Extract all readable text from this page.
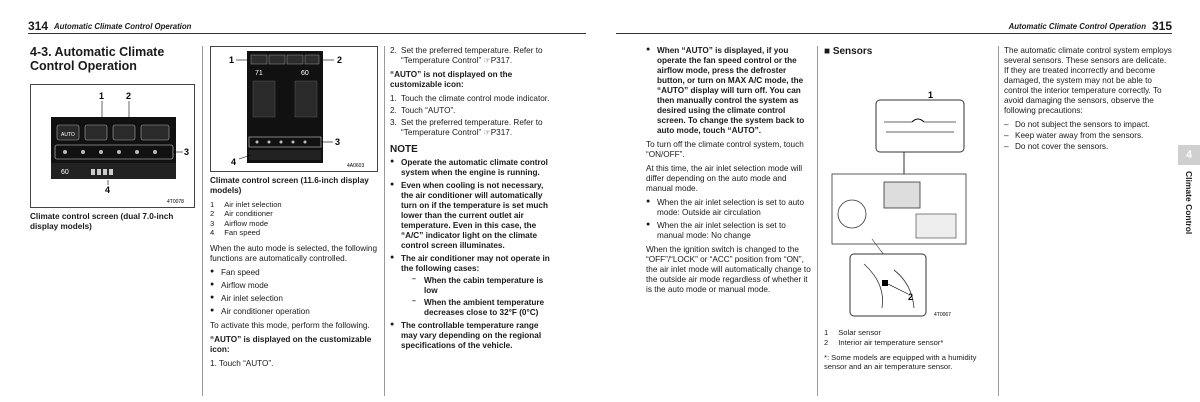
314 Automatic Climate Control Operation
4-3. Automatic Climate Control Operation
1 2
AUTO
3
60
4
4T0078

Climate control screen (dual 7.0-inch display models)

1	2
71	60
3
4	4A0603

Climate control screen (11.6-inch display models)

1	Air inlet selection
2	Air conditioner
3	Airflow mode
4	Fan speed

When the auto mode is selected, the following functions are automatically controlled.

● Fan speed
● Airflow mode
● Air inlet selection
● Air conditioner operation

To activate this mode, perform the following.

“AUTO” is displayed on the customizable icon:

1. Touch “AUTO”.

2. Set the preferred temperature. Refer to “Temperature Control” ☞P317.

“AUTO” is not displayed on the customizable icon:

1. Touch the climate control mode indicator.
2. Touch “AUTO”.
3. Set the preferred temperature. Refer to “Temperature Control” ☞P317.
NOTE
● Operate the automatic climate control system when the engine is running.
● Even when cooling is not necessary, the air conditioner will automatically turn on if the temperature is set much lower than the current outlet air temperature. Even in this case, the “A/C” indicator light on the climate control screen illuminates.
● The air conditioner may not operate in the following cases:
– When the cabin temperature is low
– When the ambient temperature decreases close to 32°F (0°C)
● The controllable temperature range may vary depending on the regional specifications of the vehicle.
Automatic Climate Control Operation 315
● When “AUTO” is displayed, if you operate the fan speed control or the airflow mode, press the defroster button, or turn on MAX A/C mode, the “AUTO” display will turn off. You can then manually control the system as desired using the climate control screen. To change the system back to auto mode, touch “AUTO”.

To turn off the climate control system, touch “ON/OFF”.

At this time, the air inlet selection mode will differ depending on the auto mode and manual mode.

● When the air inlet selection is set to auto mode: Outside air circulation
● When the air inlet selection is set to manual mode: No change

When the ignition switch is changed to the “OFF”/“LOCK” or “ACC” position from “ON”, the air inlet mode will automatically change to the outside air mode regardless of whether it is the auto mode or manual mode.

■ Sensors
1
2
4T0067
1	Solar sensor
2	Interior air temperature sensor*

*: Some models are equipped with a humidity sensor and an air temperature sensor.

The automatic climate control system employs several sensors. These sensors are delicate. If they are treated incorrectly and become damaged, the system may not be able to control the interior temperature correctly. To avoid damaging the sensors, observe the following precautions:

– Do not subject the sensors to impact.
– Keep water away from the sensors.
– Do not cover the sensors.
4
Climate Control
